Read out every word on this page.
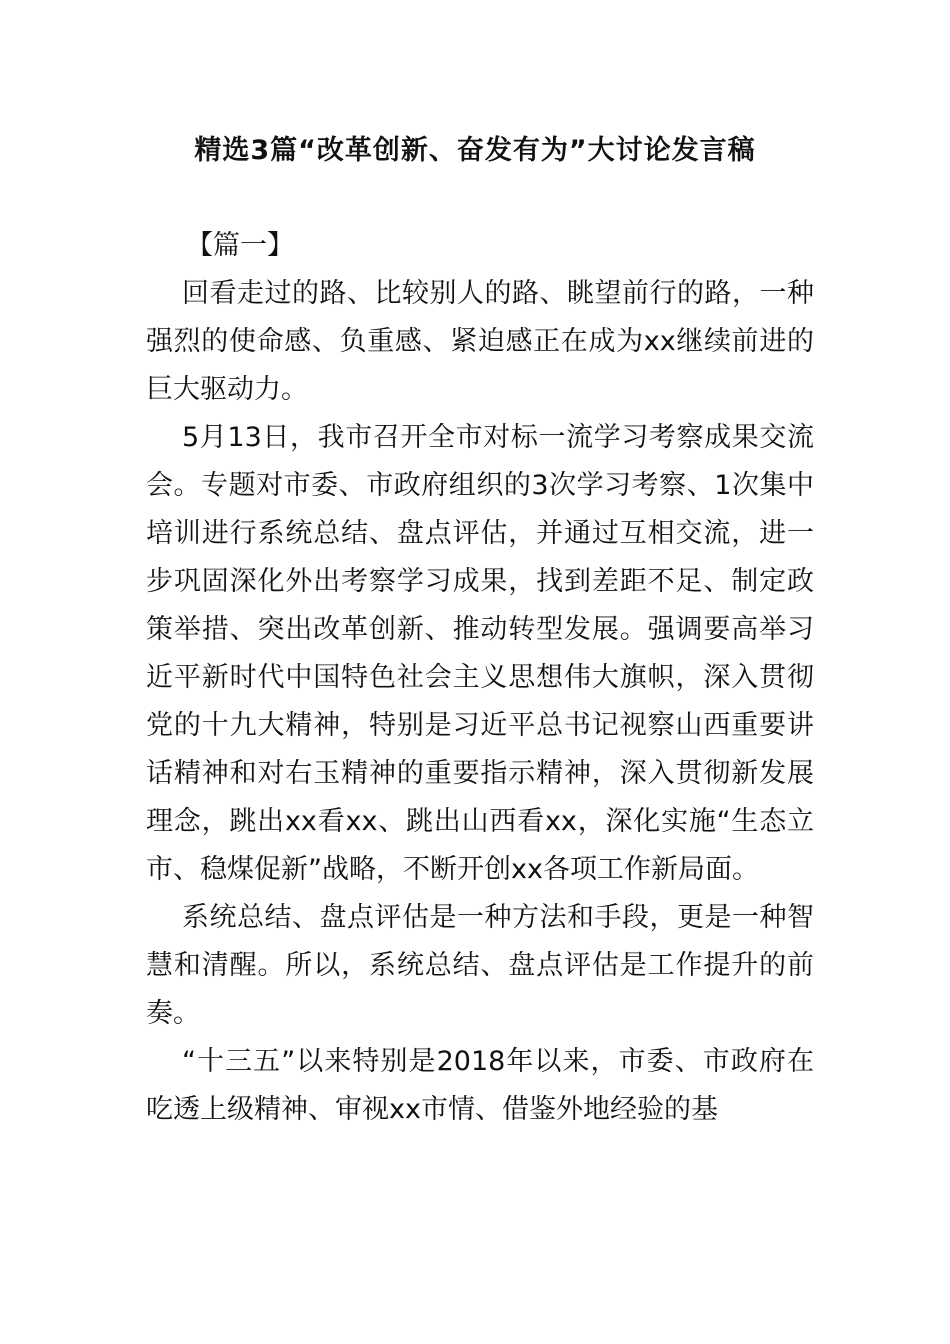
精选3篇“改革创新、奋发有为”大讨论发言稿

【篇一】

回看走过的路、比较别人的路、眺望前行的路，一种强烈的使命感、负重感、紧迫感正在成为xx继续前进的巨大驱动力。

5月13日，我市召开全市对标一流学习考察成果交流会。专题对市委、市政府组织的3次学习考察、1次集中培训进行系统总结、盘点评估，并通过互相交流，进一步巩固深化外出考察学习成果，找到差距不足、制定政策举措、突出改革创新、推动转型发展。强调要高举习近平新时代中国特色社会主义思想伟大旗帜，深入贯彻党的十九大精神，特别是习近平总书记视察山西重要讲话精神和对右玉精神的重要指示精神，深入贯彻新发展理念，跳出xx看xx、跳出山西看xx，深化实施“生态立市、稳煤促新”战略，不断开创xx各项工作新局面。

系统总结、盘点评估是一种方法和手段，更是一种智慧和清醒。所以，系统总结、盘点评估是工作提升的前奏。

“十三五”以来特别是2018年以来，市委、市政府在吃透上级精神、审视xx市情、借鉴外地经验的基
